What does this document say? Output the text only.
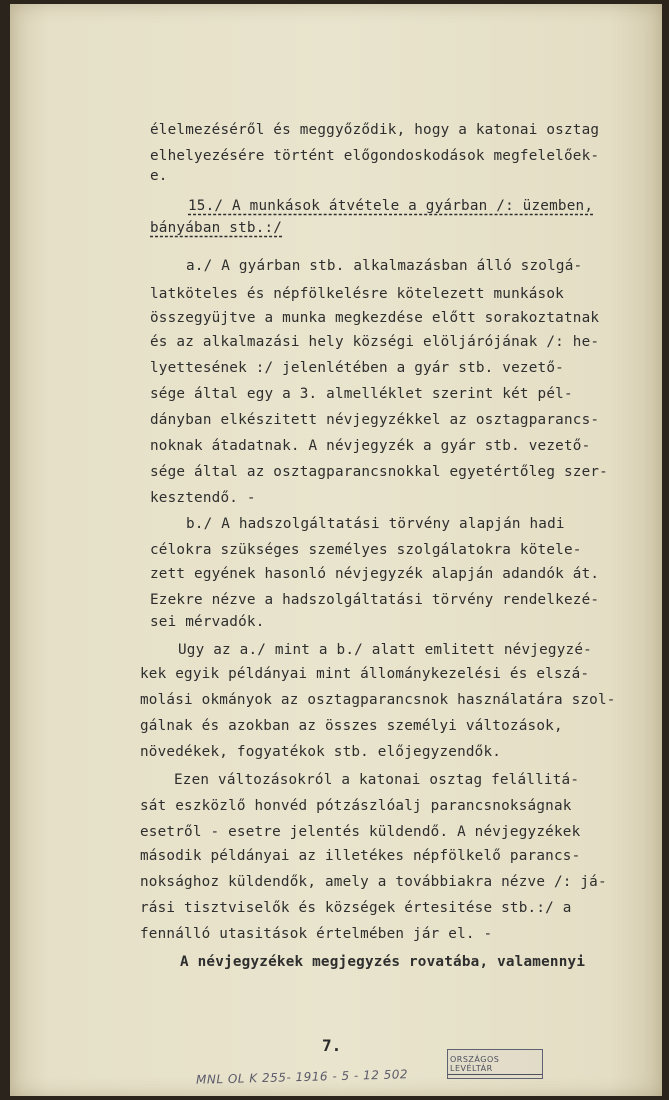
élelmezéséről és meggyőződik, hogy a katonai osztag
elhelyezésére történt előgondoskodások megfelelőek-
e.
15./ A munkások átvétele a gyárban /: üzemben,
bányában stb.:/
a./ A gyárban stb. alkalmazásban álló szolgá-
latköteles és népfölkelésre kötelezett munkások
összegyüjtve a munka megkezdése előtt sorakoztatnak
és az alkalmazási hely községi elöljárójának /: he-
lyettesének :/ jelenlétében a gyár stb. vezető-
sége által egy a 3. almelléklet szerint két pél-
dányban elkészitett névjegyzékkel az osztagparancs-
noknak átadatnak. A névjegyzék a gyár stb. vezető-
sége által az osztagparancsnokkal egyetértőleg szer-
kesztendő. -
b./ A hadszolgáltatási törvény alapján hadi
célokra szükséges személyes szolgálatokra kötele-
zett egyének hasonló névjegyzék alapján adandók át.
Ezekre nézve a hadszolgáltatási törvény rendelkezé-
sei mérvadók.
Ugy az a./ mint a b./ alatt emlitett névjegyzé-
kek egyik példányai mint állománykezelési és elszá-
molási okmányok az osztagparancsnok használatára szol-
gálnak és azokban az összes személyi változások,
növedékek, fogyatékok stb. előjegyzendők.
Ezen változásokról a katonai osztag felállitá-
sát eszközlő honvéd pótzászlóalj parancsnokságnak
esetről - esetre jelentés küldendő. A névjegyzékek
második példányai az illetékes népfölkelő parancs-
noksághoz küldendők, amely a továbbiakra nézve /: já-
rási tisztviselők és községek értesitése stb.:/ a
fennálló utasitások értelmében jár el. -
A névjegyzékek megjegyzés rovatába, valamennyi
7.
MNL OL K 255- 1916 - 5 - 12 502
ORSZÁGOS LEVÉLTÁR
